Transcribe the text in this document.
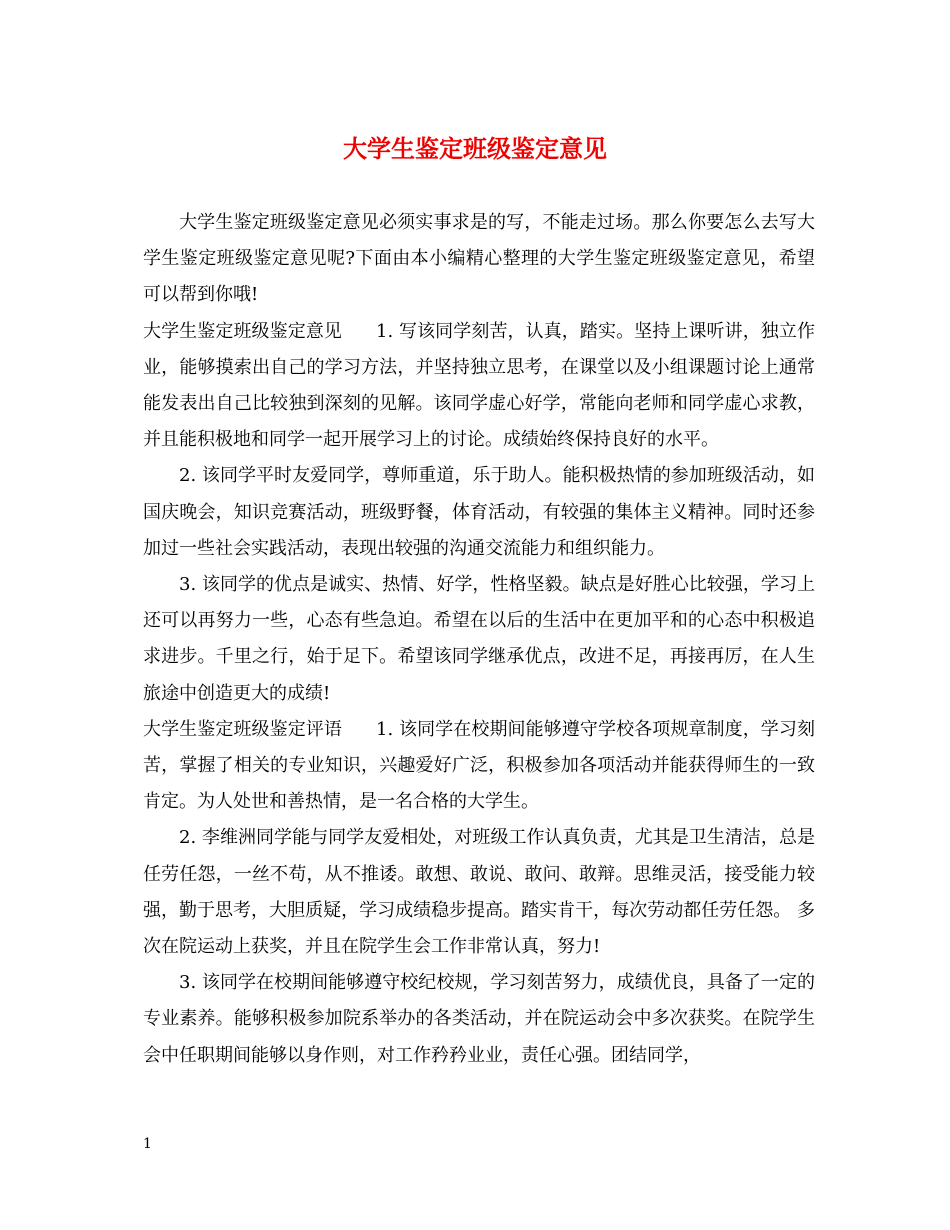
大学生鉴定班级鉴定意见

大学生鉴定班级鉴定意见必须实事求是的写，不能走过场。那么你要怎么去写大学生鉴定班级鉴定意见呢?下面由本小编精心整理的大学生鉴定班级鉴定意见，希望可以帮到你哦!

大学生鉴定班级鉴定意见 1. 写该同学刻苦，认真，踏实。坚持上课听讲，独立作业，能够摸索出自己的学习方法，并坚持独立思考，在课堂以及小组课题讨论上通常能发表出自己比较独到深刻的见解。该同学虚心好学，常能向老师和同学虚心求教，并且能积极地和同学一起开展学习上的讨论。成绩始终保持良好的水平。

2. 该同学平时友爱同学，尊师重道，乐于助人。能积极热情的参加班级活动，如国庆晚会，知识竞赛活动，班级野餐，体育活动，有较强的集体主义精神。同时还参加过一些社会实践活动，表现出较强的沟通交流能力和组织能力。

3. 该同学的优点是诚实、热情、好学，性格坚毅。缺点是好胜心比较强，学习上还可以再努力一些，心态有些急迫。希望在以后的生活中在更加平和的心态中积极追求进步。千里之行，始于足下。希望该同学继承优点，改进不足，再接再厉，在人生旅途中创造更大的成绩!

大学生鉴定班级鉴定评语 1. 该同学在校期间能够遵守学校各项规章制度，学习刻苦，掌握了相关的专业知识，兴趣爱好广泛，积极参加各项活动并能获得师生的一致肯定。为人处世和善热情，是一名合格的大学生。

2. 李维洲同学能与同学友爱相处，对班级工作认真负责，尤其是卫生清洁，总是任劳任怨，一丝不苟，从不推诿。敢想、敢说、敢问、敢辩。思维灵活，接受能力较强，勤于思考，大胆质疑，学习成绩稳步提高。踏实肯干，每次劳动都任劳任怨。 多次在院运动上获奖，并且在院学生会工作非常认真，努力!

3. 该同学在校期间能够遵守校纪校规，学习刻苦努力，成绩优良，具备了一定的专业素养。能够积极参加院系举办的各类活动，并在院运动会中多次获奖。在院学生会中任职期间能够以身作则，对工作矜矜业业，责任心强。团结同学，

1
